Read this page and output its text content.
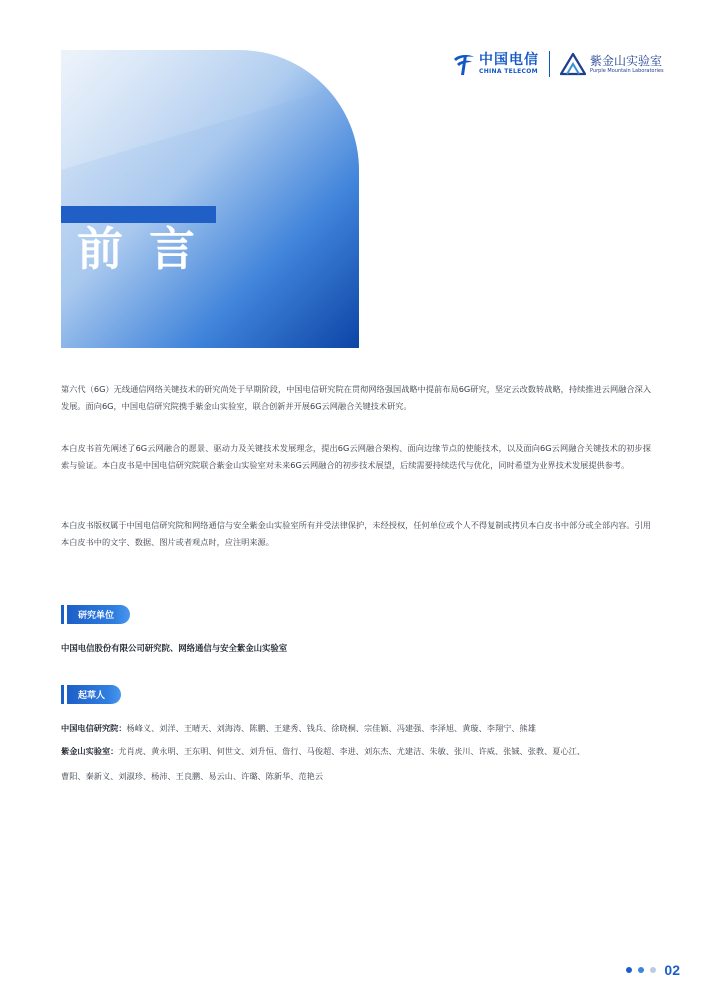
中国电信
CHINA TELECOM
紫金山实验室
Purple Mountain Laboratories
前言

第六代（6G）无线通信网络关键技术的研究尚处于早期阶段，中国电信研究院在贯彻网络强国战略中提前布局6G研究，坚定云改数转战略，持续推进云网融合深入发展。面向6G，中国电信研究院携手紫金山实验室，联合创新并开展6G云网融合关键技术研究。

本白皮书首先阐述了6G云网融合的愿景、驱动力及关键技术发展理念，提出6G云网融合架构、面向边缘节点的使能技术，以及面向6G云网融合关键技术的初步探索与验证。本白皮书是中国电信研究院联合紫金山实验室对未来6G云网融合的初步技术展望，后续需要持续迭代与优化，同时希望为业界技术发展提供参考。

本白皮书版权属于中国电信研究院和网络通信与安全紫金山实验室所有并受法律保护，未经授权，任何单位或个人不得复制或拷贝本白皮书中部分或全部内容。引用本白皮书中的文字、数据、图片或者观点时，应注明来源。

研究单位

中国电信股份有限公司研究院、网络通信与安全紫金山实验室

起草人

中国电信研究院：杨峰义、刘洋、王晴天、刘海涛、陈鹏、王建秀、钱兵、徐晓桐、宗佳颖、冯建强、李泽旭、黄璇、李翔宁、熊雄

紫金山实验室：尤肖虎、黄永明、王东明、何世文、刘升恒、詹行、马俊超、李进、刘东杰、尤建洁、朱敏、张川、许威、张铖、张教、夏心江、

曹阳、秦新义、刘淑珍、杨沛、王良鹏、易云山、许璐、陈新华、范艳云

02
